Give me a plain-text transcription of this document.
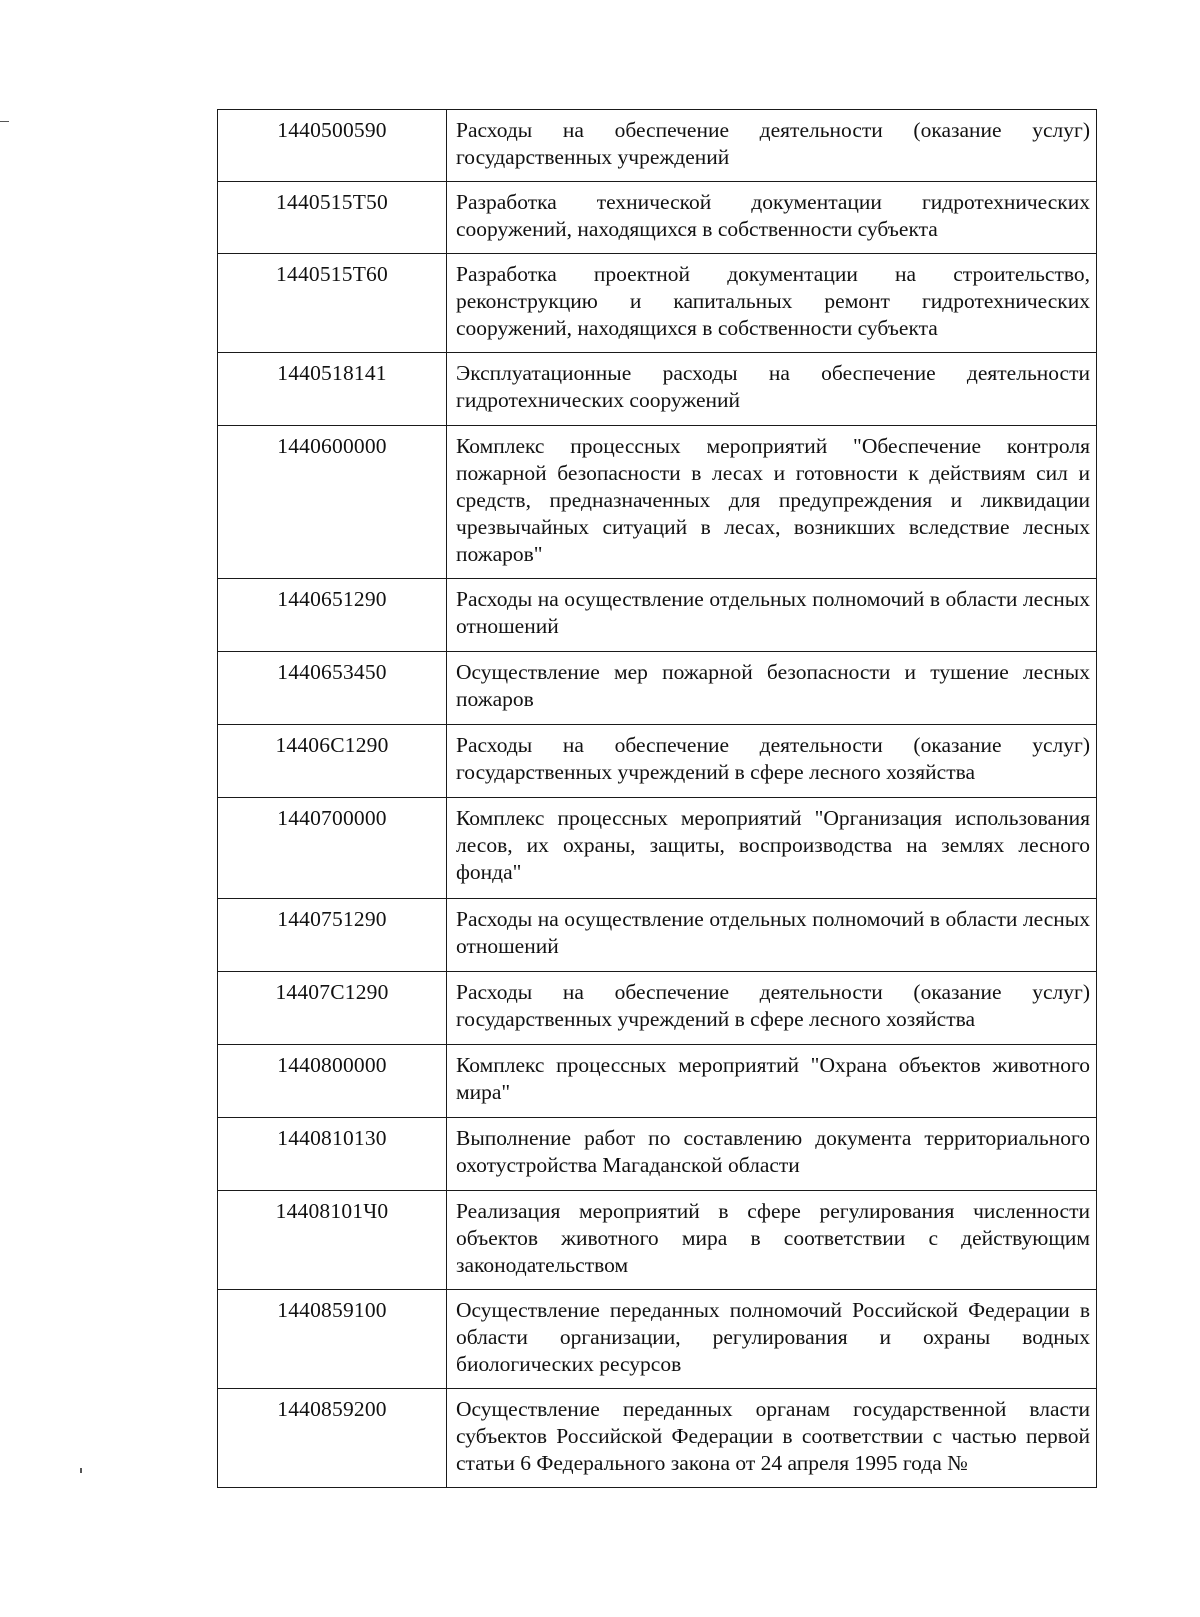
1440500590	Расходы на обеспечение деятельности (оказание услуг) государственных учреждений
1440515Т50	Разработка технической документации гидротехнических сооружений, находящихся в собственности субъекта
1440515Т60	Разработка проектной документации на строительство, реконструкцию и капитальных ремонт гидротехнических сооружений, находящихся в собственности субъекта
1440518141	Эксплуатационные расходы на обеспечение деятельности гидротехнических сооружений
1440600000	Комплекс процессных мероприятий "Обеспечение контроля пожарной безопасности в лесах и готовности к действиям сил и средств, предназначенных для предупреждения и ликвидации чрезвычайных ситуаций в лесах, возникших вследствие лесных пожаров"
1440651290	Расходы на осуществление отдельных полномочий в области лесных отношений
1440653450	Осуществление мер пожарной безопасности и тушение лесных пожаров
14406С1290	Расходы на обеспечение деятельности (оказание услуг) государственных учреждений в сфере лесного хозяйства
1440700000	Комплекс процессных мероприятий "Организация использования лесов, их охраны, защиты, воспроизводства на землях лесного фонда"
1440751290	Расходы на осуществление отдельных полномочий в области лесных отношений
14407С1290	Расходы на обеспечение деятельности (оказание услуг) государственных учреждений в сфере лесного хозяйства
1440800000	Комплекс процессных мероприятий "Охрана объектов животного мира"
1440810130	Выполнение работ по составлению документа территориального охотустройства Магаданской области
14408101Ч0	Реализация мероприятий в сфере регулирования численности объектов животного мира в соответствии с действующим законодательством
1440859100	Осуществление переданных полномочий Российской Федерации в области организации, регулирования и охраны водных биологических ресурсов
1440859200	Осуществление переданных органам государственной власти субъектов Российской Федерации в соответствии с частью первой статьи 6 Федерального закона от 24 апреля 1995 года №
